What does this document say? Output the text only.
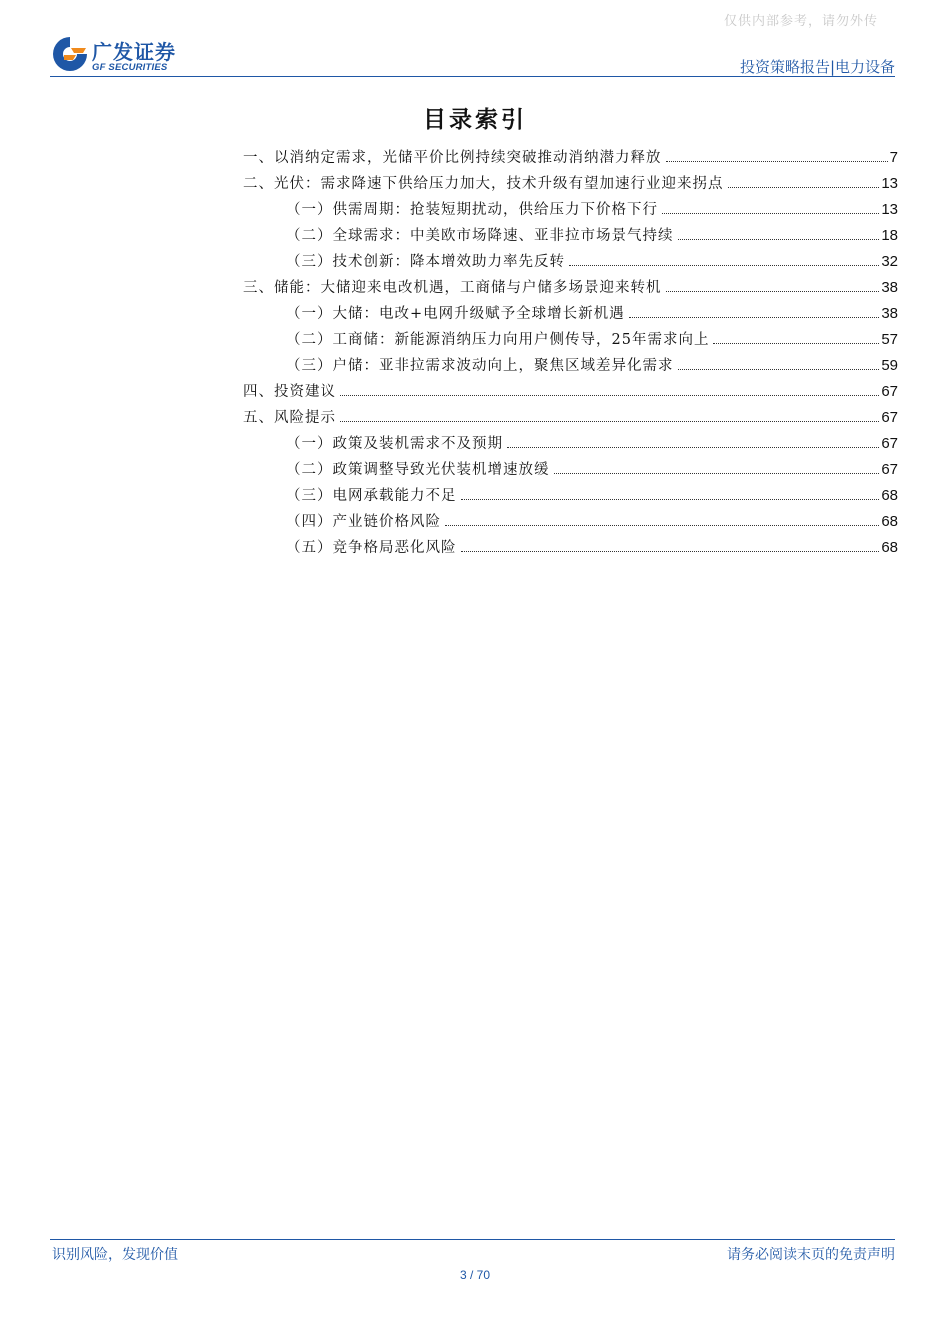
仅供内部参考，请勿外传
广发证券
GF SECURITIES	投资策略报告|电力设备
目录索引
一、以消纳定需求，光储平价比例持续突破推动消纳潜力释放	7
二、光伏：需求降速下供给压力加大，技术升级有望加速行业迎来拐点	13
（一）供需周期：抢装短期扰动，供给压力下价格下行	13
（二）全球需求：中美欧市场降速、亚非拉市场景气持续	18
（三）技术创新：降本增效助力率先反转	32
三、储能：大储迎来电改机遇，工商储与户储多场景迎来转机	38
（一）大储：电改+电网升级赋予全球增长新机遇	38
（二）工商储：新能源消纳压力向用户侧传导，25年需求向上	57
（三）户储：亚非拉需求波动向上，聚焦区域差异化需求	59
四、投资建议	67
五、风险提示	67
（一）政策及装机需求不及预期	67
（二）政策调整导致光伏装机增速放缓	67
（三）电网承载能力不足	68
（四）产业链价格风险	68
（五）竞争格局恶化风险	68
识别风险，发现价值	请务必阅读末页的免责声明
3 / 70
